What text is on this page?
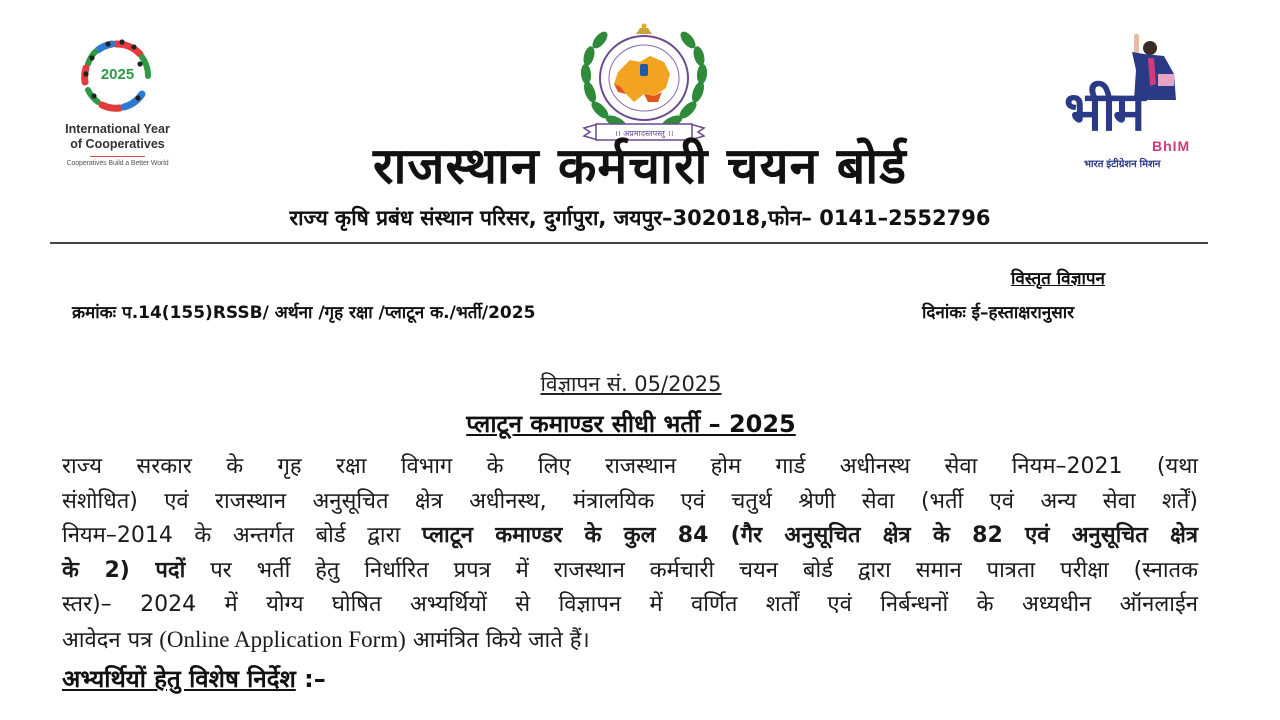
2025
International Year
of Cooperatives
Cooperatives Build a Better World
।। अप्रमादस्तपस्तु ।।	भीम
BhIM
भारत इंटीग्रेशन मिशन
राजस्थान कर्मचारी चयन बोर्ड
राज्य कृषि प्रबंध संस्थान परिसर, दुर्गापुरा, जयपुर–302018,फोन– 0141–2552796
विस्तृत विज्ञापन
क्रमांकः प.14(155)RSSB/ अर्थना /गृह रक्षा /प्लाटून क./भर्ती/2025	दिनांकः ई–हस्ताक्षरानुसार
विज्ञापन सं. 05/2025
प्लाटून कमाण्डर सीधी भर्ती – 2025
राज्य सरकार के गृह रक्षा विभाग के लिए राजस्थान होम गार्ड अधीनस्थ सेवा नियम–2021 (यथा
संशोधित) एवं राजस्थान अनुसूचित क्षेत्र अधीनस्थ, मंत्रालयिक एवं चतुर्थ श्रेणी सेवा (भर्ती एवं अन्य सेवा शर्तें)
नियम–2014 के अन्तर्गत बोर्ड द्वारा प्लाटून कमाण्डर के कुल 84 (गैर अनुसूचित क्षेत्र के 82 एवं अनुसूचित क्षेत्र
के 2) पदों पर भर्ती हेतु निर्धारित प्रपत्र में राजस्थान कर्मचारी चयन बोर्ड द्वारा समान पात्रता परीक्षा (स्नातक
स्तर)– 2024 में योग्य घोषित अभ्यर्थियों से विज्ञापन में वर्णित शर्तों एवं निर्बन्धनों के अध्यधीन ऑनलाईन
आवेदन पत्र (Online Application Form) आमंत्रित किये जाते हैं।
अभ्यर्थियों हेतु विशेष निर्देश :–
